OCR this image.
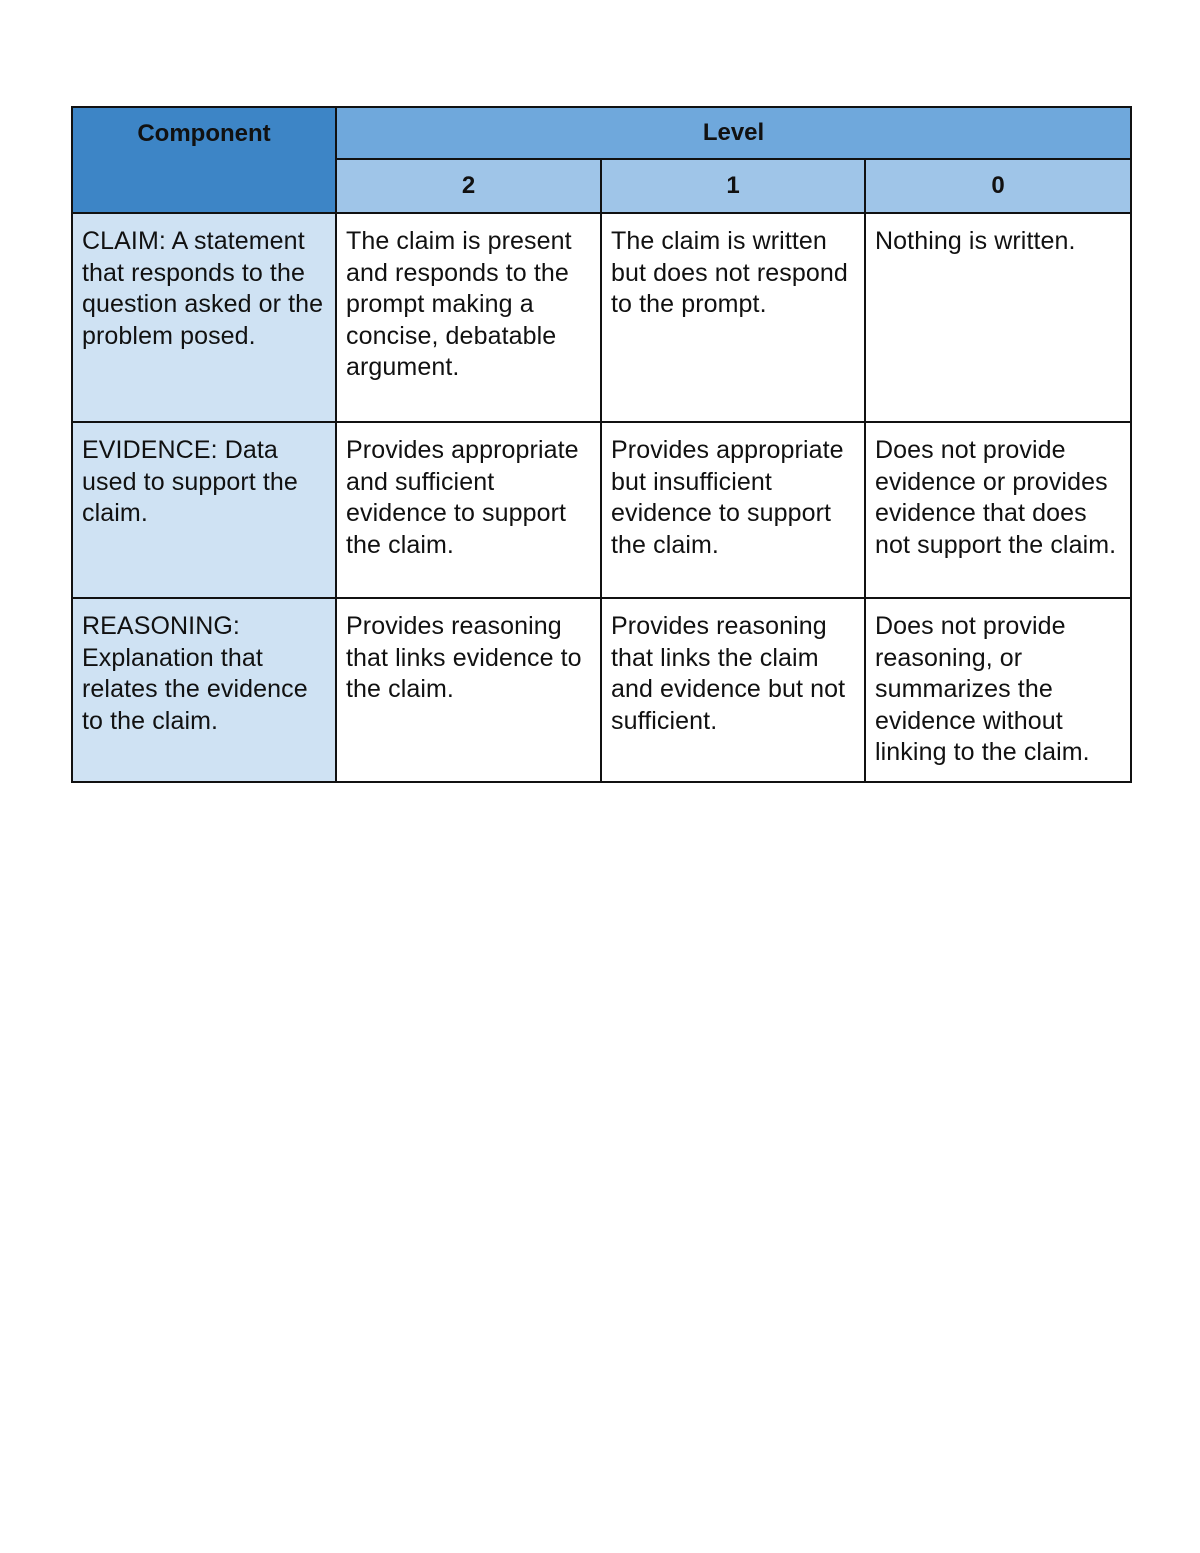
Component	Level		
	2	1	0

CLAIM: A statement that responds to the question asked or the problem posed.	The claim is present and responds to the prompt making a concise, debatable argument.	The claim is written but does not respond to the prompt.	Nothing is written.

EVIDENCE: Data used to support the claim.	Provides appropriate and sufficient evidence to support the claim.	Provides appropriate but insufficient evidence to support the claim.	Does not provide evidence or provides evidence that does not support the claim.

REASONING: Explanation that relates the evidence to the claim.	Provides reasoning that links evidence to the claim.	Provides reasoning that links the claim and evidence but not sufficient.	Does not provide reasoning, or summarizes the evidence without linking to the claim.
